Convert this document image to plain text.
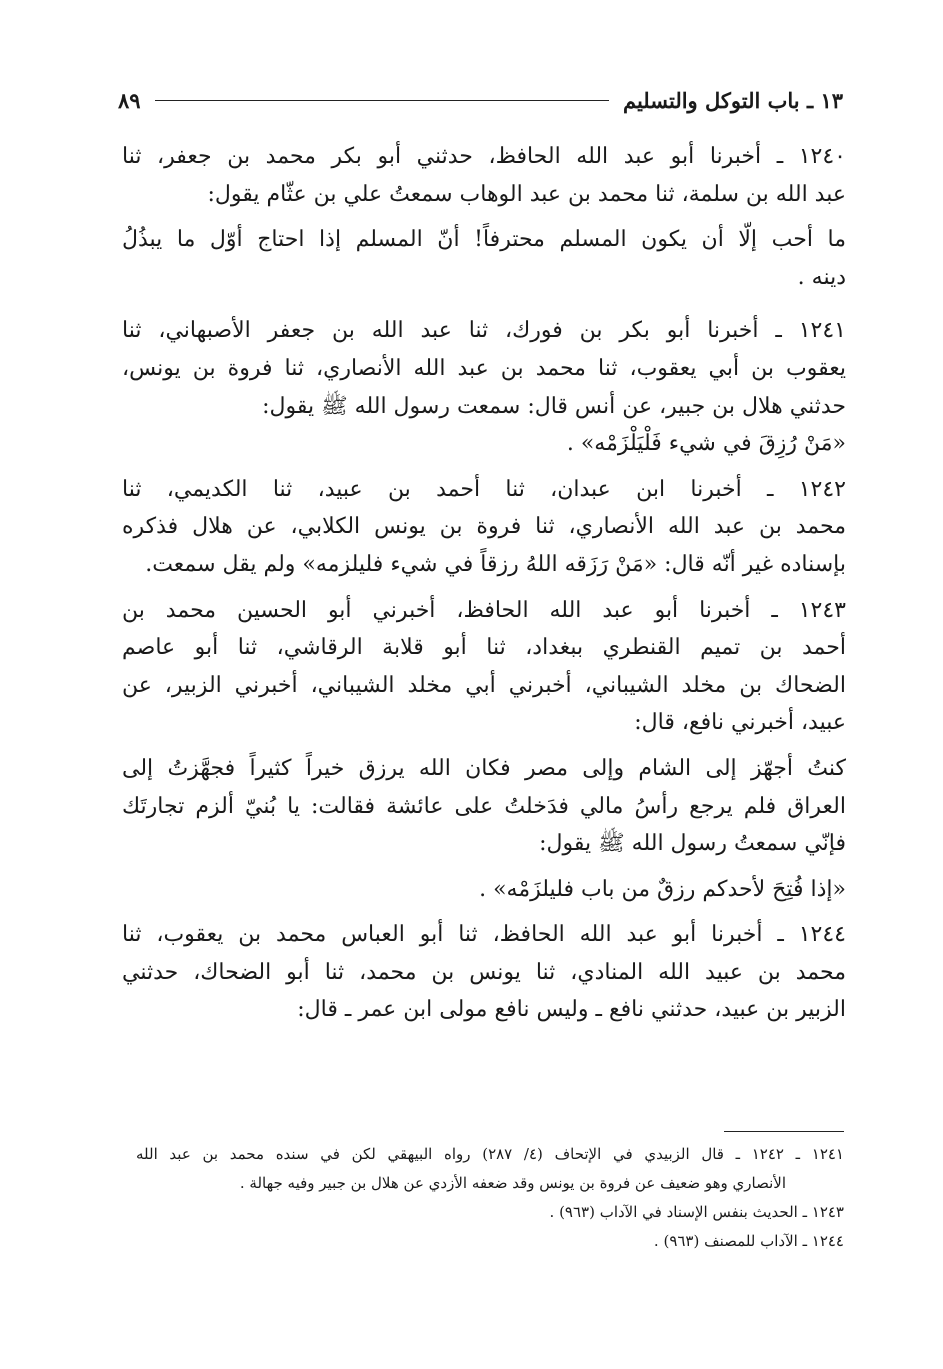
١٣ ـ باب التوكل والتسليم
٨٩
١٢٤٠ ـ أخبرنا أبو عبد الله الحافظ، حدثني أبو بكر محمد بن جعفر، ثنا
عبد الله بن سلمة، ثنا محمد بن عبد الوهاب سمعتُ علي بن عثّام يقول:
ما أحب إلّا أن يكون المسلم محترفاً! أنّ المسلم إذا احتاج أوّل ما يبذُلُ
دينه .
١٢٤١ ـ أخبرنا أبو بكر بن فورك، ثنا عبد الله بن جعفر الأصبهاني، ثنا
يعقوب بن أبي يعقوب، ثنا محمد بن عبد الله الأنصاري، ثنا فروة بن يونس،
حدثني هلال بن جبير، عن أنس قال: سمعت رسول الله ﷺ يقول:
«مَنْ رُزِقَ في شيء فَلْيَلْزَمْه» .
١٢٤٢ ـ أخبرنا ابن عبدان، ثنا أحمد بن عبيد، ثنا الكديمي، ثنا
محمد بن عبد الله الأنصاري، ثنا فروة بن يونس الكلابي، عن هلال فذكره
بإسناده غير أنّه قال: «مَنْ رَزَقه اللهُ رزقاً في شيء فليلزمه» ولم يقل سمعت.
١٢٤٣ ـ أخبرنا أبو عبد الله الحافظ، أخبرني أبو الحسين محمد بن
أحمد بن تميم القنطري ببغداد، ثنا أبو قلابة الرقاشي، ثنا أبو عاصم
الضحاك بن مخلد الشيباني، أخبرني أبي مخلد الشيباني، أخبرني الزبير، عن
عبيد، أخبرني نافع، قال:
كنتُ أجهّز إلى الشام وإلى مصر فكان الله يرزق خيراً كثيراً فجهَّزتُ إلى
العراق فلم يرجع رأسُ مالي فدَخلتُ على عائشة فقالت: يا بُنيّ ألزم تجارتَك
فإنّي سمعتُ رسول الله ﷺ يقول:
«إذا فُتِحَ لأحدكم رزقٌ من باب فليلزَمْه» .
١٢٤٤ ـ أخبرنا أبو عبد الله الحافظ، ثنا أبو العباس محمد بن يعقوب، ثنا
محمد بن عبيد الله المنادي، ثنا يونس بن محمد، ثنا أبو الضحاك، حدثني
الزبير بن عبيد، حدثني نافع ـ وليس نافع مولى ابن عمر ـ قال:
١٢٤١ ـ ١٢٤٢ ـ قال الزبيدي في الإتحاف (٤/ ٢٨٧) رواه البيهقي لكن في سنده محمد بن عبد الله
الأنصاري وهو ضعيف عن فروة بن يونس وقد ضعفه الأزدي عن هلال بن جبير وفيه جهالة .
١٢٤٣ ـ الحديث بنفس الإسناد في الآداب (٩٦٣) .
١٢٤٤ ـ الآداب للمصنف (٩٦٣) .
